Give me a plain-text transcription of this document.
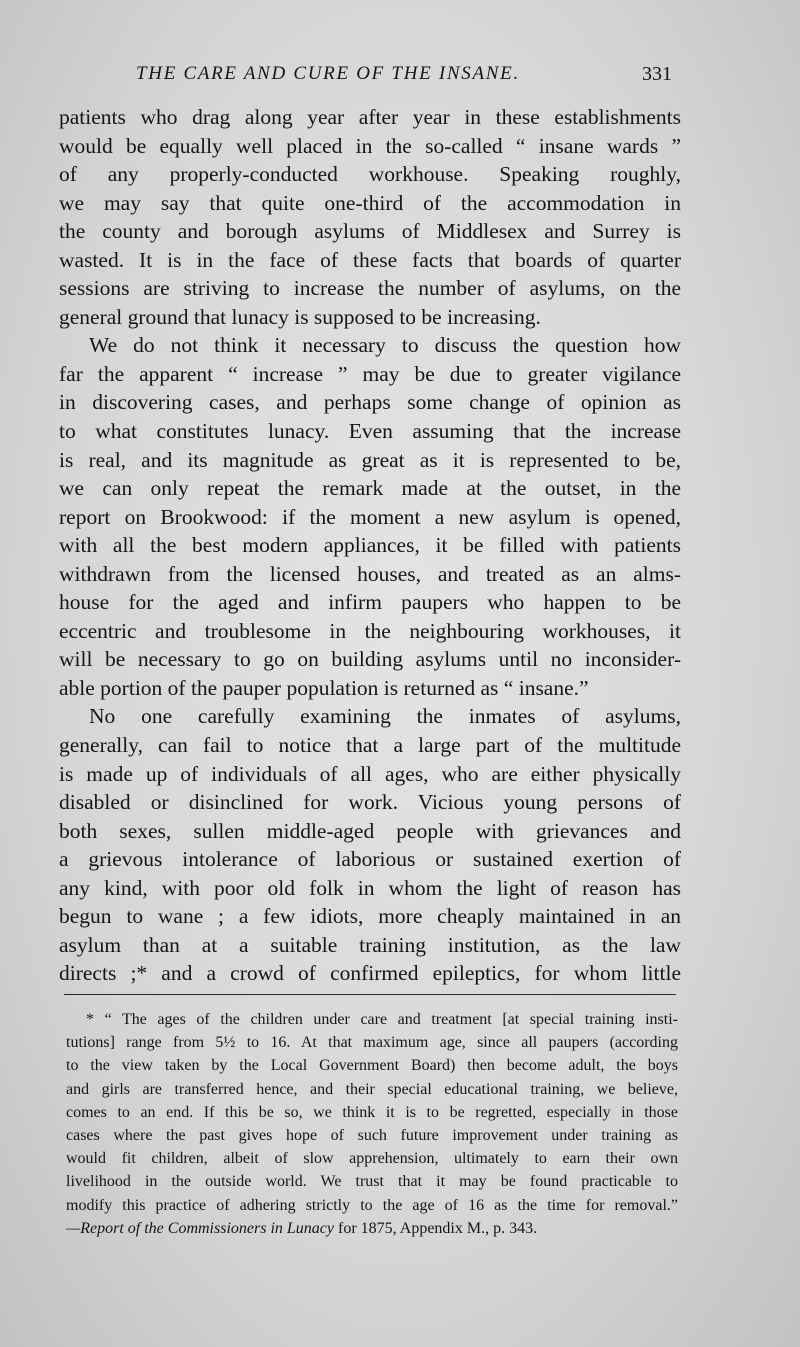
THE CARE AND CURE OF THE INSANE.	331
patients who drag along year after year in these establishments
would be equally well placed in the so-called “ insane wards ”
of any properly-conducted workhouse. Speaking roughly,
we may say that quite one-third of the accommodation in
the county and borough asylums of Middlesex and Surrey is
wasted. It is in the face of these facts that boards of quarter
sessions are striving to increase the number of asylums, on the
general ground that lunacy is supposed to be increasing.
We do not think it necessary to discuss the question how
far the apparent “ increase ” may be due to greater vigilance
in discovering cases, and perhaps some change of opinion as
to what constitutes lunacy. Even assuming that the increase
is real, and its magnitude as great as it is represented to be,
we can only repeat the remark made at the outset, in the
report on Brookwood: if the moment a new asylum is opened,
with all the best modern appliances, it be filled with patients
withdrawn from the licensed houses, and treated as an alms-
house for the aged and infirm paupers who happen to be
eccentric and troublesome in the neighbouring workhouses, it
will be necessary to go on building asylums until no inconsider-
able portion of the pauper population is returned as “ insane.”
No one carefully examining the inmates of asylums,
generally, can fail to notice that a large part of the multitude
is made up of individuals of all ages, who are either physically
disabled or disinclined for work. Vicious young persons of
both sexes, sullen middle-aged people with grievances and
a grievous intolerance of laborious or sustained exertion of
any kind, with poor old folk in whom the light of reason has
begun to wane ; a few idiots, more cheaply maintained in an
asylum than at a suitable training institution, as the law
directs ;* and a crowd of confirmed epileptics, for whom little
* “ The ages of the children under care and treatment [at special training insti-
tutions] range from 5½ to 16. At that maximum age, since all paupers (according
to the view taken by the Local Government Board) then become adult, the boys
and girls are transferred hence, and their special educational training, we believe,
comes to an end. If this be so, we think it is to be regretted, especially in those
cases where the past gives hope of such future improvement under training as
would fit children, albeit of slow apprehension, ultimately to earn their own
livelihood in the outside world. We trust that it may be found practicable to
modify this practice of adhering strictly to the age of 16 as the time for removal.”
—Report of the Commissioners in Lunacy for 1875, Appendix M., p. 343.
